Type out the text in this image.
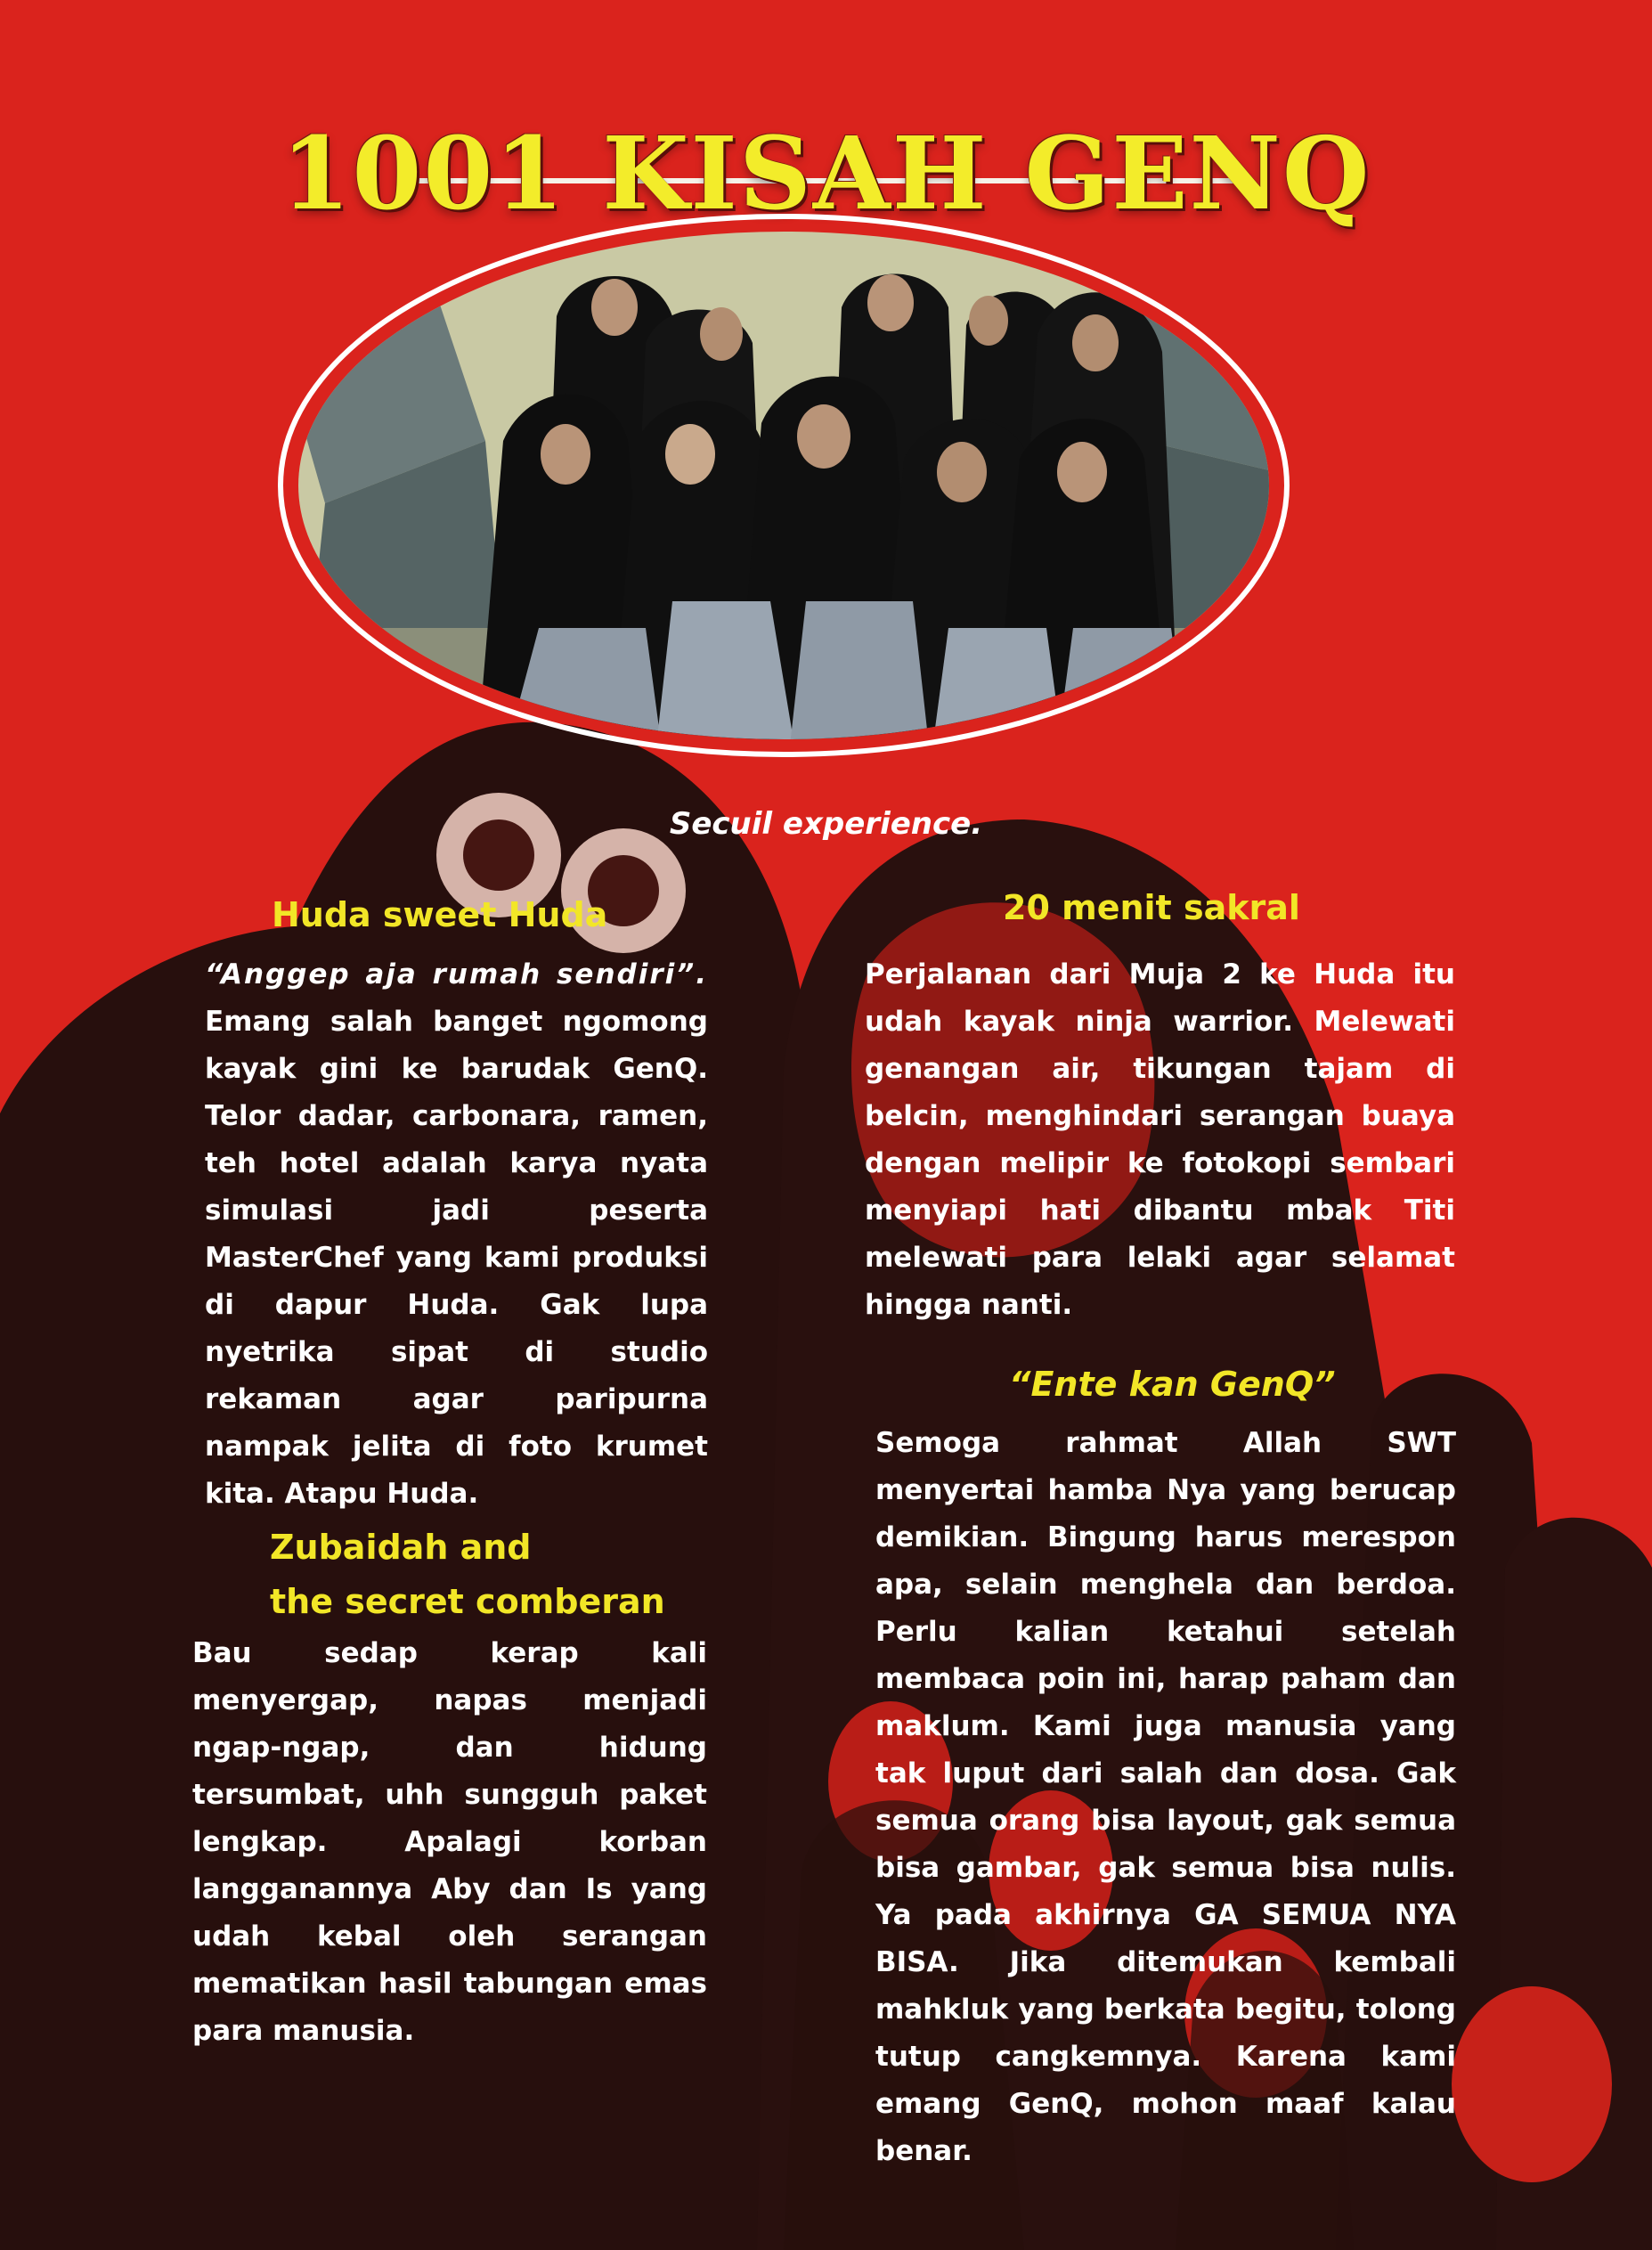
1001 KISAH GENQ
Secuil experience.
Huda sweet Huda
“Anggep aja rumah sendiri”. Emang salah banget ngomong kayak gini ke barudak GenQ. Telor dadar, carbonara, ramen, teh hotel adalah karya nyata simulasi jadi peserta MasterChef yang kami produksi di dapur Huda. Gak lupa nyetrika sipat di studio rekaman agar paripurna nampak jelita di foto krumet kita. Atapu Huda.
Zubaidah and
the secret comberan
Bau sedap kerap kali menyergap, napas menjadi ngap-ngap, dan hidung tersumbat, uhh sungguh paket lengkap. Apalagi korban langganannya Aby dan Is yang udah kebal oleh serangan mematikan hasil tabungan emas para manusia.
20 menit sakral
Perjalanan dari Muja 2 ke Huda itu udah kayak ninja warrior. Melewati genangan air, tikungan tajam di belcin, menghindari serangan buaya dengan melipir ke fotokopi sembari menyiapi hati dibantu mbak Titi melewati para lelaki agar selamat hingga nanti.
“Ente kan GenQ”
Semoga rahmat Allah SWT menyertai hamba Nya yang berucap demikian. Bingung harus merespon apa, selain menghela dan berdoa. Perlu kalian ketahui setelah membaca poin ini, harap paham dan maklum. Kami juga manusia yang tak luput dari salah dan dosa. Gak semua orang bisa layout, gak semua bisa gambar, gak semua bisa nulis. Ya pada akhirnya GA SEMUA NYA BISA. Jika ditemukan kembali mahkluk yang berkata begitu, tolong tutup cangkemnya. Karena kami emang GenQ, mohon maaf kalau benar.
